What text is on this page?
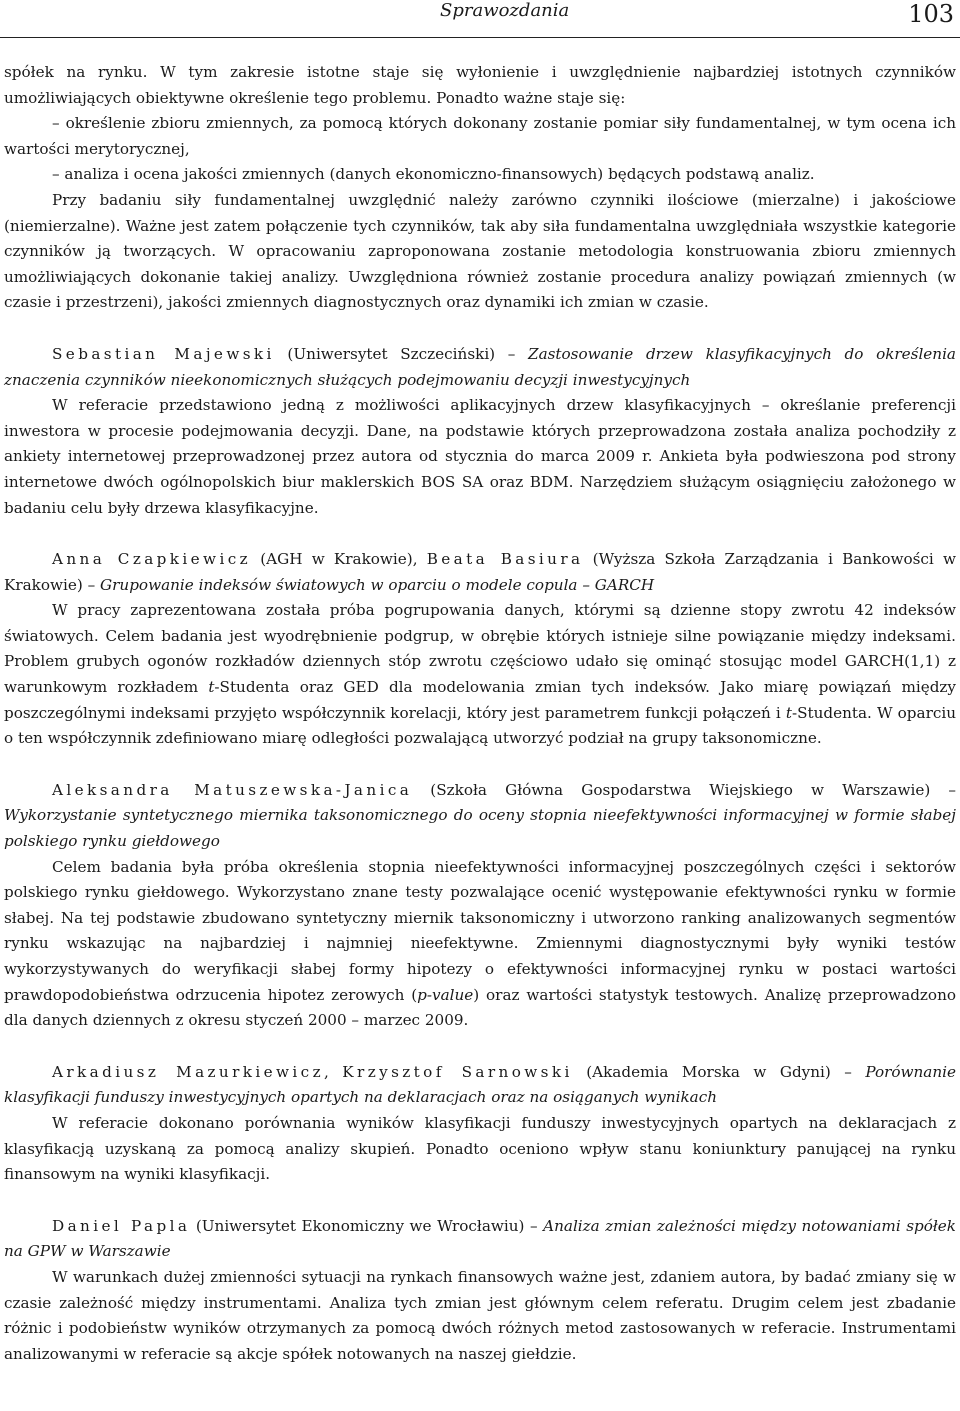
Sprawozdania	103

spółek na rynku. W tym zakresie istotne staje się wyłonienie i uwzględnienie najbardziej istotnych czynników umożliwiających obiektywne określenie tego problemu. Ponadto ważne staje się:

– określenie zbioru zmiennych, za pomocą których dokonany zostanie pomiar siły fundamentalnej, w tym ocena ich wartości merytorycznej,

– analiza i ocena jakości zmiennych (danych ekonomiczno-finansowych) będących podstawą analiz.

Przy badaniu siły fundamentalnej uwzględnić należy zarówno czynniki ilościowe (mierzalne) i jakościowe (niemierzalne). Ważne jest zatem połączenie tych czynników, tak aby siła fundamentalna uwzględniała wszystkie kategorie czynników ją tworzących. W opracowaniu zaproponowana zostanie metodologia konstruowania zbioru zmiennych umożliwiających dokonanie takiej analizy. Uwzględniona również zostanie procedura analizy powiązań zmiennych (w czasie i przestrzeni), jakości zmiennych diagnostycznych oraz dynamiki ich zmian w czasie.

Sebastian Majewski (Uniwersytet Szczeciński) – Zastosowanie drzew klasyfikacyjnych do określenia znaczenia czynników nieekonomicznych służących podejmowaniu decyzji inwestycyjnych

W referacie przedstawiono jedną z możliwości aplikacyjnych drzew klasyfikacyjnych – określanie preferencji inwestora w procesie podejmowania decyzji. Dane, na podstawie których przeprowadzona została analiza pochodziły z ankiety internetowej przeprowadzonej przez autora od stycznia do marca 2009 r. Ankieta była podwieszona pod strony internetowe dwóch ogólnopolskich biur maklerskich BOS SA oraz BDM. Narzędziem służącym osiągnięciu założonego w badaniu celu były drzewa klasyfikacyjne.

Anna Czapkiewicz (AGH w Krakowie), Beata Basiura (Wyższa Szkoła Zarządzania i Bankowości w Krakowie) – Grupowanie indeksów światowych w oparciu o modele copula – GARCH

W pracy zaprezentowana została próba pogrupowania danych, którymi są dzienne stopy zwrotu 42 indeksów światowych. Celem badania jest wyodrębnienie podgrup, w obrębie których istnieje silne powiązanie między indeksami. Problem grubych ogonów rozkładów dziennych stóp zwrotu częściowo udało się ominąć stosując model GARCH(1,1) z warunkowym rozkładem t-Studenta oraz GED dla modelowania zmian tych indeksów. Jako miarę powiązań między poszczególnymi indeksami przyjęto współczynnik korelacji, który jest parametrem funkcji połączeń i t-Studenta. W oparciu o ten współczynnik zdefiniowano miarę odległości pozwalającą utworzyć podział na grupy taksonomiczne.

Aleksandra Matuszewska-Janica (Szkoła Główna Gospodarstwa Wiejskiego w Warszawie) – Wykorzystanie syntetycznego miernika taksonomicznego do oceny stopnia nieefektywności informacyjnej w formie słabej polskiego rynku giełdowego

Celem badania była próba określenia stopnia nieefektywności informacyjnej poszczególnych części i sektorów polskiego rynku giełdowego. Wykorzystano znane testy pozwalające ocenić występowanie efektywności rynku w formie słabej. Na tej podstawie zbudowano syntetyczny miernik taksonomiczny i utworzono ranking analizowanych segmentów rynku wskazując na najbardziej i najmniej nieefektywne. Zmiennymi diagnostycznymi były wyniki testów wykorzystywanych do weryfikacji słabej formy hipotezy o efektywności informacyjnej rynku w postaci wartości prawdopodobieństwa odrzucenia hipotez zerowych (p-value) oraz wartości statystyk testowych. Analizę przeprowadzono dla danych dziennych z okresu styczeń 2000 – marzec 2009.

Arkadiusz Mazurkiewicz, Krzysztof Sarnowski (Akademia Morska w Gdyni) – Porównanie klasyfikacji funduszy inwestycyjnych opartych na deklaracjach oraz na osiąganych wynikach

W referacie dokonano porównania wyników klasyfikacji funduszy inwestycyjnych opartych na deklaracjach z klasyfikacją uzyskaną za pomocą analizy skupień. Ponadto oceniono wpływ stanu koniunktury panującej na rynku finansowym na wyniki klasyfikacji.

Daniel Papla (Uniwersytet Ekonomiczny we Wrocławiu) – Analiza zmian zależności między notowaniami spółek na GPW w Warszawie

W warunkach dużej zmienności sytuacji na rynkach finansowych ważne jest, zdaniem autora, by badać zmiany się w czasie zależność między instrumentami. Analiza tych zmian jest głównym celem referatu. Drugim celem jest zbadanie różnic i podobieństw wyników otrzymanych za pomocą dwóch różnych metod zastosowanych w referacie. Instrumentami analizowanymi w referacie są akcje spółek notowanych na naszej giełdzie.
